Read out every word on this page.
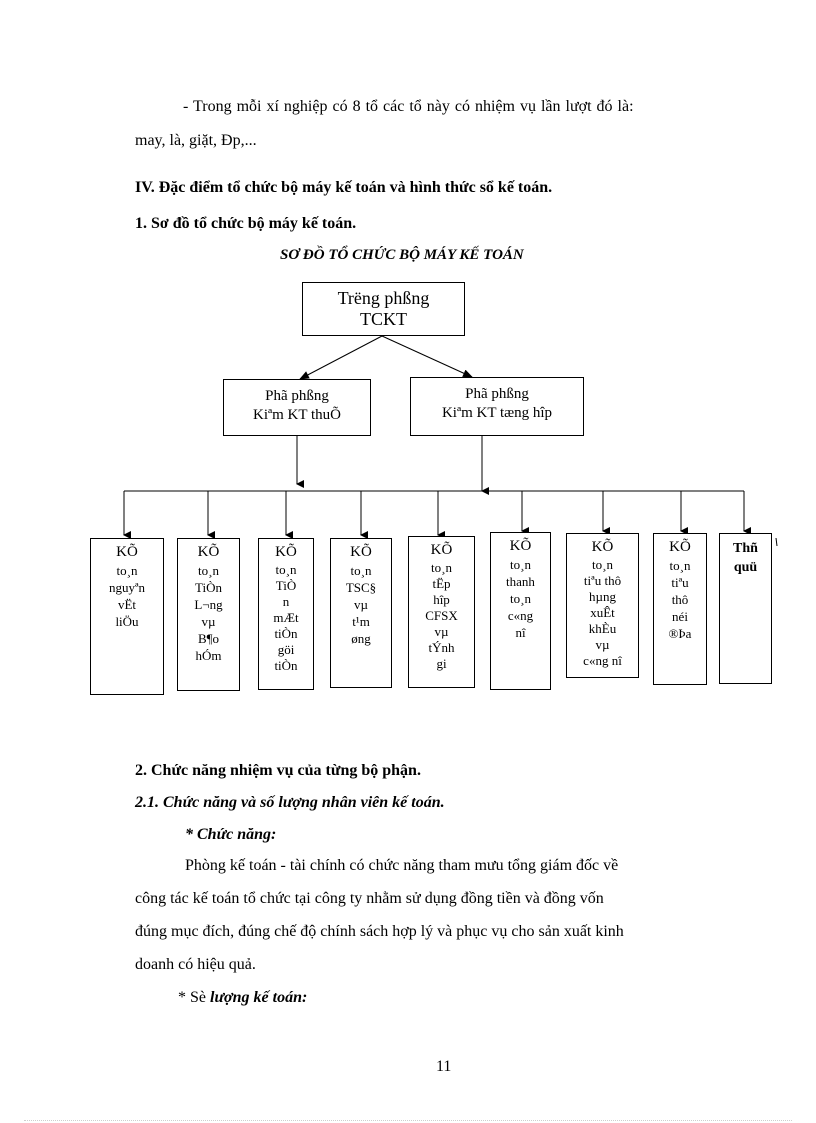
- Trong mỗi xí nghiệp có 8 tổ các tổ này có nhiệm vụ lần lượt đó là:
may, là, giặt, Đp,...
IV. Đặc điểm tổ chức bộ máy kế toán và hình thức sổ kế toán.
1. Sơ đồ tổ chức bộ máy kế toán.
SƠ ĐỒ TỔ CHỨC BỘ MÁY KẾ TOÁN
Trëng phßng
TCKT
Phã phßng
Kiªm KT thuÕ
Phã phßng
Kiªm KT tæng hîp
KÕ
to¸n
nguyªn
vËt
liÖu
KÕ
to¸n
TiÒn
L¬ng
vµ
B¶o
hÓm
KÕ
to¸n
TiÒ
n
mÆt
tiÒn
göi
tiÒn
KÕ
to¸n
TSC§
vµ
t¹m
øng
KÕ
to¸n
tËp
hîp
CFSX
vµ
tÝnh
gi
KÕ
to¸n
thanh
to¸n
c«ng
nî
KÕ
to¸n
tiªu thô
hµng
xuÊt
khÈu
vµ
c«ng nî
KÕ
to¸n
tiªu
thô
néi
®Þa
Thñ
quü
2. Chức năng nhiệm vụ của từng bộ phận.
2.1. Chức năng và số lượng nhân viên kế toán.
* Chức năng:
Phòng kế toán - tài chính có chức năng tham mưu tổng giám đốc về
công tác kế toán tổ chức tại công ty nhằm sử dụng đồng tiền và đồng vốn
đúng mục đích, đúng chế độ chính sách hợp lý và phục vụ cho sản xuất kinh
doanh có hiệu quả.
* Sè lượng kế toán:
11
